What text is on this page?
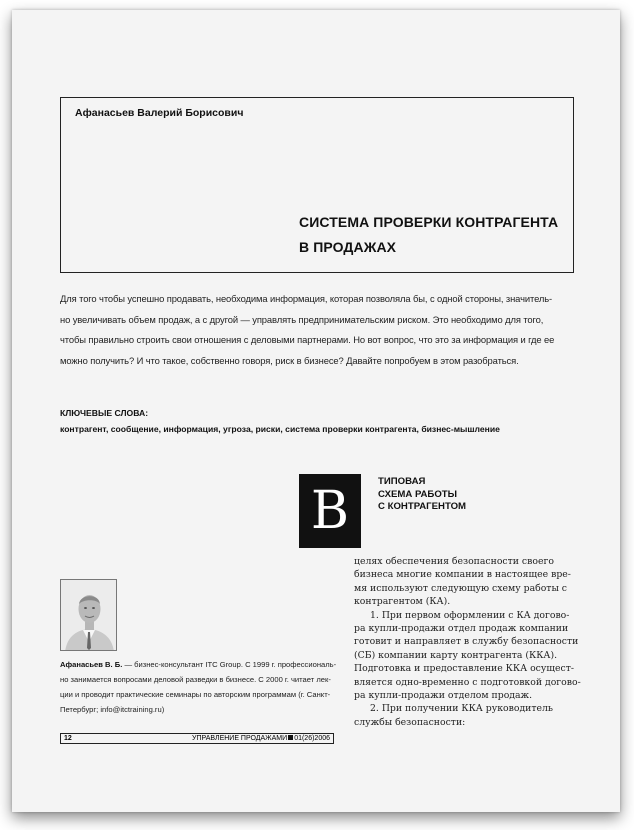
Афанасьев Валерий Борисович
СИСТЕМА ПРОВЕРКИ КОНТРАГЕНТА
В ПРОДАЖАХ
Для того чтобы успешно продавать, необходима информация, которая позволяла бы, с одной стороны, значитель-
но увеличивать объем продаж, а с другой — управлять предпринимательским риском. Это необходимо для того,
чтобы правильно строить свои отношения с деловыми партнерами. Но вот вопрос, что это за информация и где ее
можно получить? И что такое, собственно говоря, риск в бизнесе? Давайте попробуем в этом разобраться.
КЛЮЧЕВЫЕ СЛОВА:
контрагент, сообщение, информация, угроза, риски, система проверки контрагента, бизнес-мышление
В	ТИПОВАЯ
СХЕМА РАБОТЫ
С КОНТРАГЕНТОМ
целях обеспечения безопасности своего
бизнеса многие компании в настоящее вре-
мя используют следующую схему работы с
контрагентом (КА).
1. При первом оформлении с КА догово-
ра купли-продажи отдел продаж компании
готовит и направляет в службу безопасности
(СБ) компании карту контрагента (ККА).
Подготовка и предоставление ККА осущест-
вляется одно-временно с подготовкой догово-
ра купли-продажи отделом продаж.
2. При получении ККА руководитель
службы безопасности:
Афанасьев В. Б. — бизнес-консультант ITC Group. С 1999 г. профессиональ-
но занимается вопросами деловой разведки в бизнесе. С 2000 г. читает лек-
ции и проводит практические семинары по авторским программам (г. Санкт-
Петербург; info@itctraining.ru)
12	УПРАВЛЕНИЕ ПРОДАЖАМИ 01(26)2006
